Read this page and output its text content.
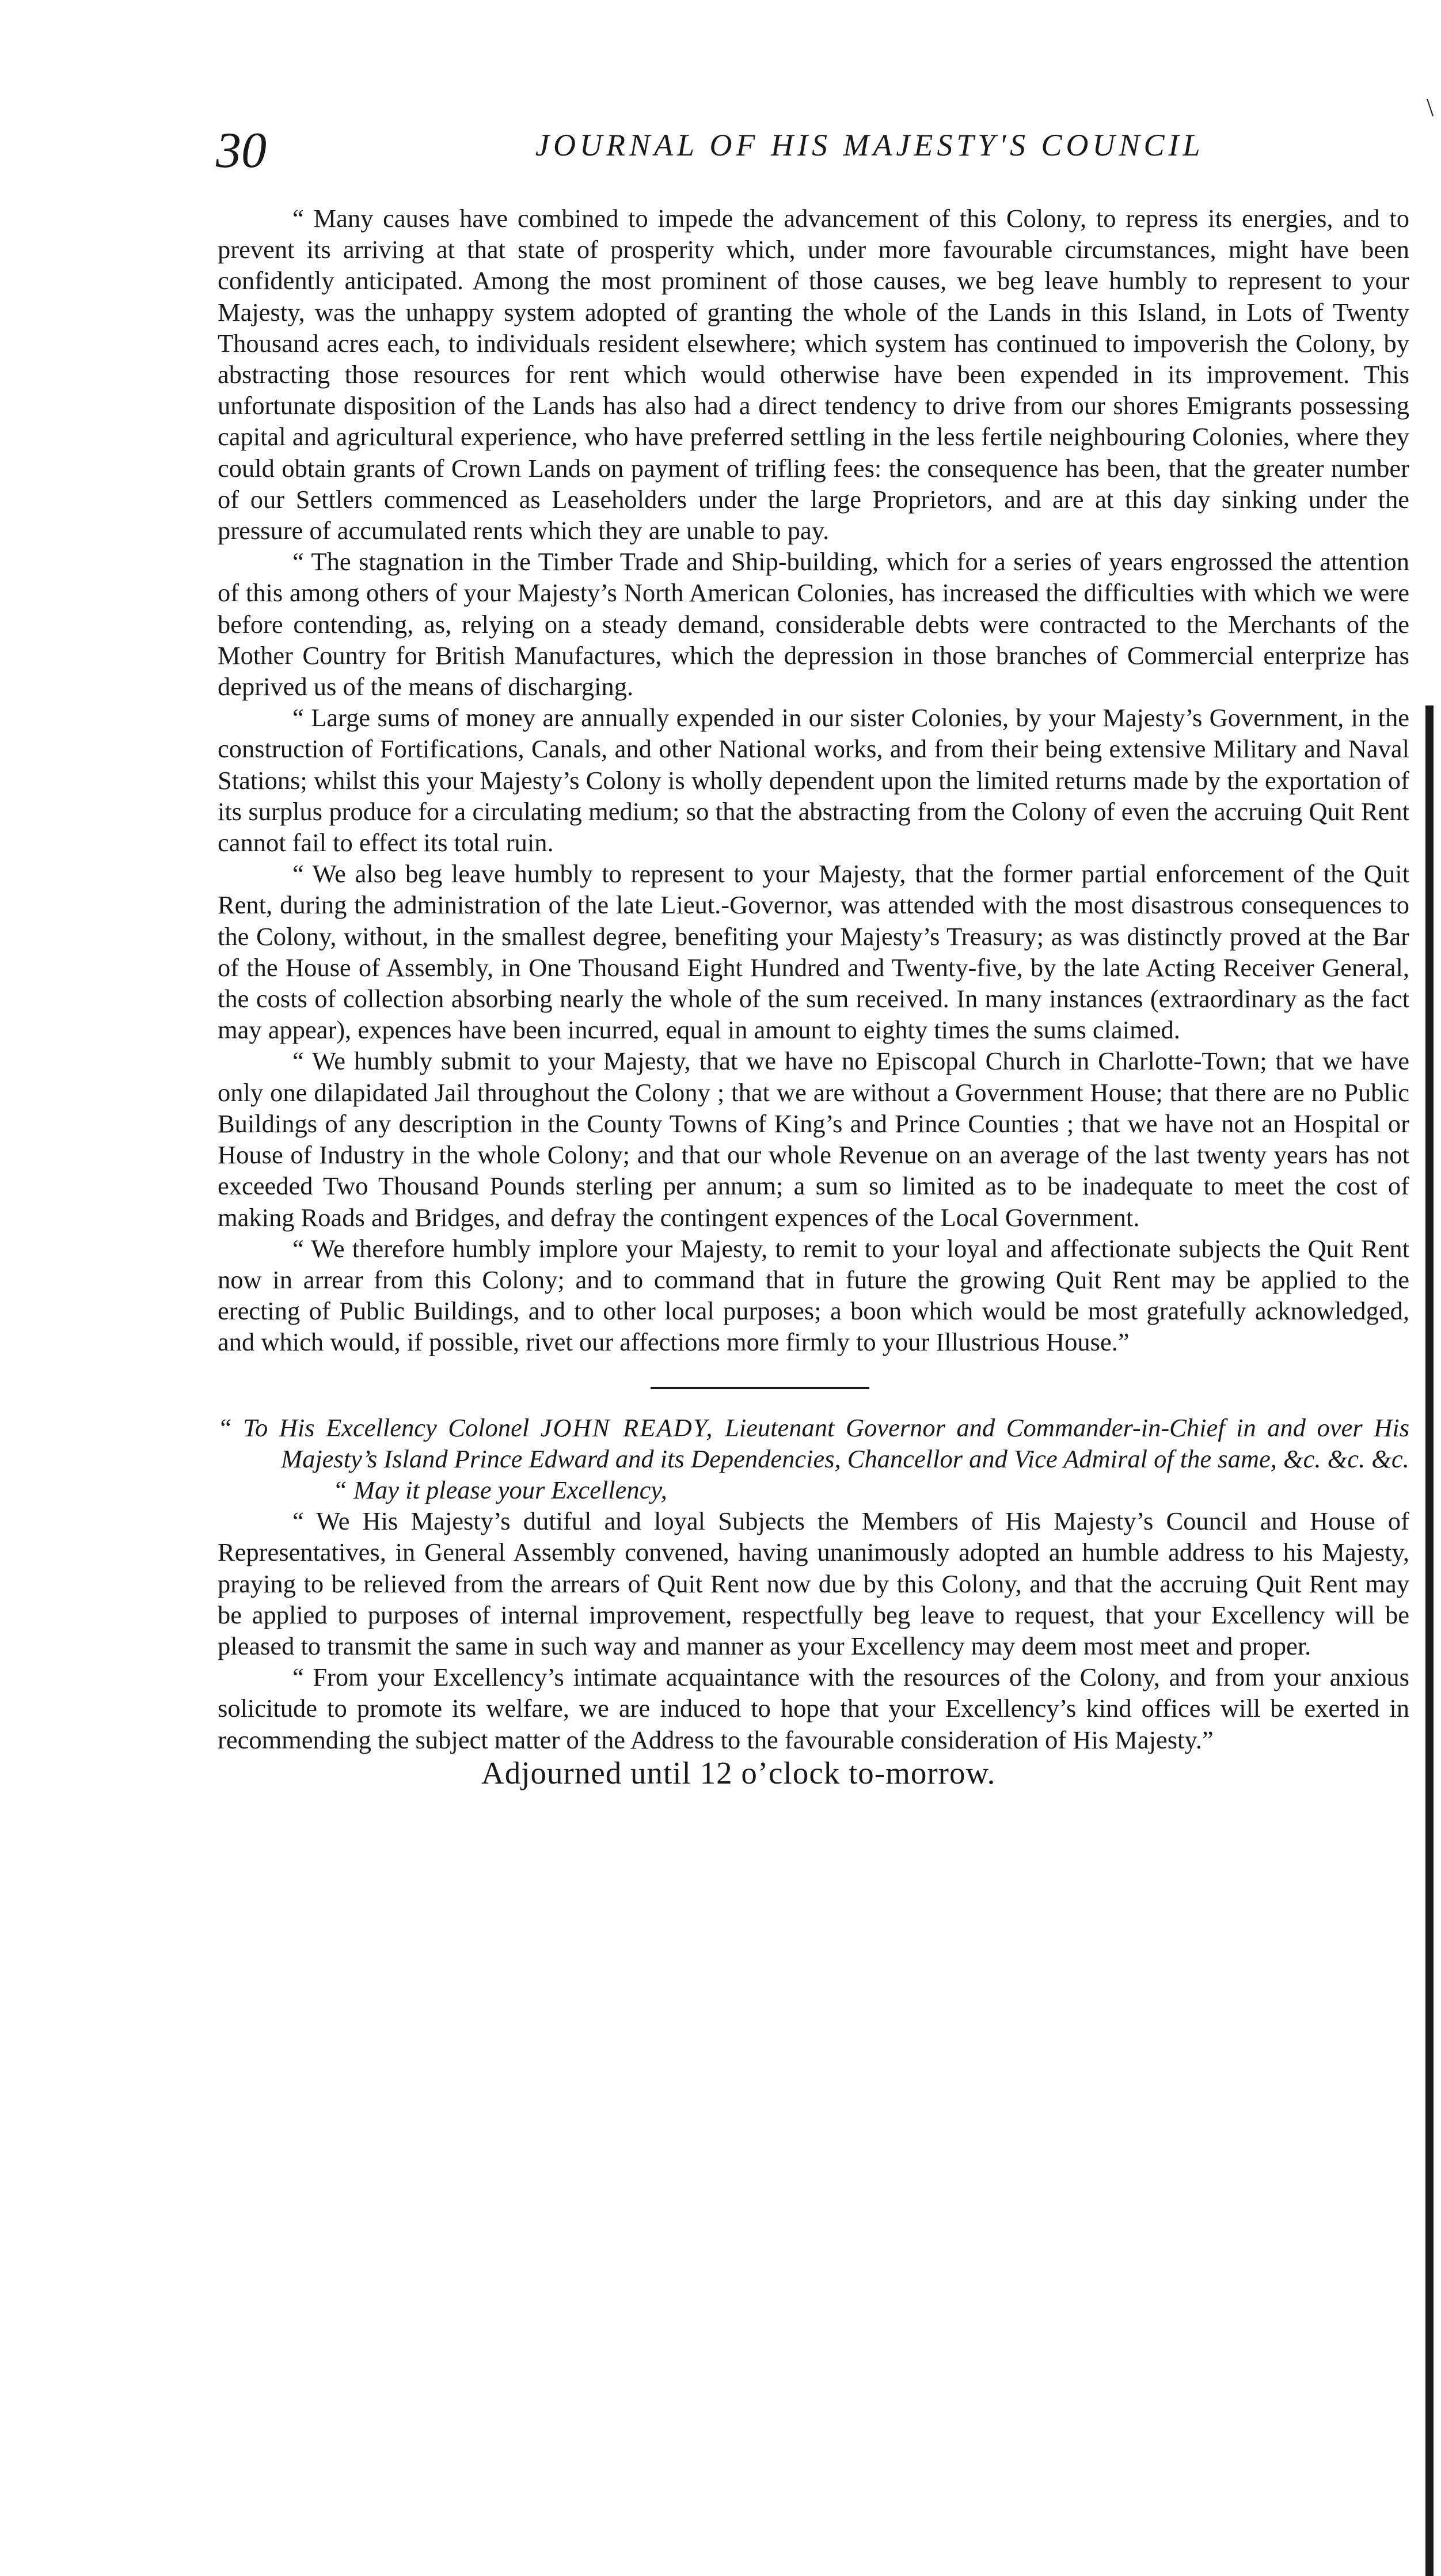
\
30	JOURNAL OF HIS MAJESTY'S COUNCIL

“ Many causes have combined to impede the advancement of this Colony, to repress its energies, and to prevent its arriving at that state of prosperity which, under more favourable circumstances, might have been confidently anticipated. Among the most prominent of those causes, we beg leave humbly to represent to your Majesty, was the unhappy system adopted of granting the whole of the Lands in this Island, in Lots of Twenty Thousand acres each, to individuals resident elsewhere; which system has continued to impoverish the Colony, by abstracting those resources for rent which would otherwise have been expended in its improvement. This unfortunate disposition of the Lands has also had a direct tendency to drive from our shores Emigrants possessing capital and agricultural experience, who have preferred settling in the less fertile neighbouring Colonies, where they could obtain grants of Crown Lands on payment of trifling fees: the consequence has been, that the greater number of our Settlers commenced as Leaseholders under the large Proprietors, and are at this day sinking under the pressure of accumulated rents which they are unable to pay.

“ The stagnation in the Timber Trade and Ship-building, which for a series of years engrossed the attention of this among others of your Majesty’s North American Colonies, has increased the difficulties with which we were before contending, as, relying on a steady demand, considerable debts were contracted to the Merchants of the Mother Country for British Manufactures, which the depression in those branches of Commercial enterprize has deprived us of the means of discharging.

“ Large sums of money are annually expended in our sister Colonies, by your Majesty’s Government, in the construction of Fortifications, Canals, and other National works, and from their being extensive Military and Naval Stations; whilst this your Majesty’s Colony is wholly dependent upon the limited returns made by the exportation of its surplus produce for a circulating medium; so that the abstracting from the Colony of even the accruing Quit Rent cannot fail to effect its total ruin.

“ We also beg leave humbly to represent to your Majesty, that the former partial enforcement of the Quit Rent, during the administration of the late Lieut.-Governor, was attended with the most disastrous consequences to the Colony, without, in the smallest degree, benefiting your Majesty’s Treasury; as was distinctly proved at the Bar of the House of Assembly, in One Thousand Eight Hundred and Twenty-five, by the late Acting Receiver General, the costs of collection absorbing nearly the whole of the sum received. In many instances (extraordinary as the fact may appear), expences have been incurred, equal in amount to eighty times the sums claimed.

“ We humbly submit to your Majesty, that we have no Episcopal Church in Charlotte-Town; that we have only one dilapidated Jail throughout the Colony ; that we are without a Government House; that there are no Public Buildings of any description in the County Towns of King’s and Prince Counties ; that we have not an Hospital or House of Industry in the whole Colony; and that our whole Revenue on an average of the last twenty years has not exceeded Two Thousand Pounds sterling per annum; a sum so limited as to be inadequate to meet the cost of making Roads and Bridges, and defray the contingent expences of the Local Government.

“ We therefore humbly implore your Majesty, to remit to your loyal and affectionate subjects the Quit Rent now in arrear from this Colony; and to command that in future the growing Quit Rent may be applied to the erecting of Public Buildings, and to other local purposes; a boon which would be most gratefully acknowledged, and which would, if possible, rivet our affections more firmly to your Illustrious House.”

“ To His Excellency Colonel JOHN READY, Lieutenant Governor and Commander-in-Chief in and over His Majesty’s Island Prince Edward and its Dependencies, Chancellor and Vice Admiral of the same, &c. &c. &c.

“ May it please your Excellency,

“ We His Majesty’s dutiful and loyal Subjects the Members of His Majesty’s Council and House of Representatives, in General Assembly convened, having unanimously adopted an humble address to his Majesty, praying to be relieved from the arrears of Quit Rent now due by this Colony, and that the accruing Quit Rent may be applied to purposes of internal improvement, respectfully beg leave to request, that your Excellency will be pleased to transmit the same in such way and manner as your Excellency may deem most meet and proper.

“ From your Excellency’s intimate acquaintance with the resources of the Colony, and from your anxious solicitude to promote its welfare, we are induced to hope that your Excellency’s kind offices will be exerted in recommending the subject matter of the Address to the favourable consideration of His Majesty.”

Adjourned until 12 o’clock to-morrow.
